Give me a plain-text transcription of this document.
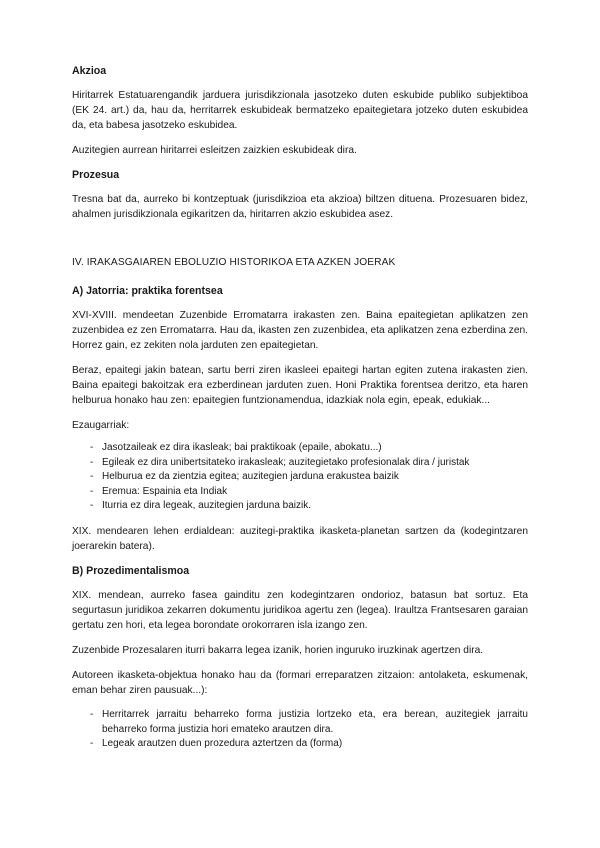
Akzioa

Hiritarrek Estatuarengandik jarduera jurisdikzionala jasotzeko duten eskubide publiko subjektiboa (EK 24. art.) da, hau da, herritarrek eskubideak bermatzeko epaitegietara jotzeko duten eskubidea da, eta babesa jasotzeko eskubidea.

Auzitegien aurrean hiritarrei esleitzen zaizkien eskubideak dira.

Prozesua

Tresna bat da, aurreko bi kontzeptuak (jurisdikzioa eta akzioa) biltzen dituena. Prozesuaren bidez, ahalmen jurisdikzionala egikaritzen da, hiritarren akzio eskubidea asez.

IV. IRAKASGAIAREN EBOLUZIO HISTORIKOA ETA AZKEN JOERAK
A) Jatorria: praktika forentsea

XVI-XVIII. mendeetan Zuzenbide Erromatarra irakasten zen. Baina epaitegietan aplikatzen zen zuzenbidea ez zen Erromatarra. Hau da, ikasten zen zuzenbidea, eta aplikatzen zena ezberdina zen. Horrez gain, ez zekiten nola jarduten zen epaitegietan.

Beraz, epaitegi jakin batean, sartu berri ziren ikasleei epaitegi hartan egiten zutena irakasten zien. Baina epaitegi bakoitzak era ezberdinean jarduten zuen. Honi Praktika forentsea deritzo, eta haren helburua honako hau zen: epaitegien funtzionamendua, idazkiak nola egin, epeak, edukiak...

Ezaugarriak:

- Jasotzaileak ez dira ikasleak; bai praktikoak (epaile, abokatu...)
- Egileak ez dira unibertsitateko irakasleak; auzitegietako profesionalak dira / juristak
- Helburua ez da zientzia egitea; auzitegien jarduna erakustea baizik
- Eremua: Espainia eta Indiak
- Iturria ez dira legeak, auzitegien jarduna baizik.

XIX. mendearen lehen erdialdean: auzitegi-praktika ikasketa-planetan sartzen da (kodegintzaren joerarekin batera).

B) Prozedimentalismoa

XIX. mendean, aurreko fasea gainditu zen kodegintzaren ondorioz, batasun bat sortuz. Eta segurtasun juridikoa zekarren dokumentu juridikoa agertu zen (legea). Iraultza Frantsesaren garaian gertatu zen hori, eta legea borondate orokorraren isla izango zen.

Zuzenbide Prozesalaren iturri bakarra legea izanik, horien inguruko iruzkinak agertzen dira.

Autoreen ikasketa-objektua honako hau da (formari erreparatzen zitzaion: antolaketa, eskumenak, eman behar ziren pausuak...):

- Herritarrek jarraitu beharreko forma justizia lortzeko eta, era berean, auzitegiek jarraitu beharreko forma justizia hori emateko arautzen dira.
- Legeak arautzen duen prozedura aztertzen da (forma)
